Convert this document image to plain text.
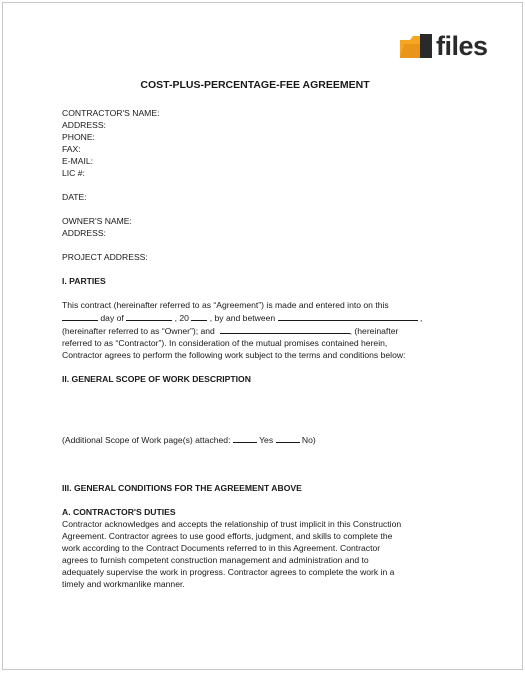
files
COST-PLUS-PERCENTAGE-FEE AGREEMENT
CONTRACTOR'S NAME:
ADDRESS:
PHONE:
FAX:
E-MAIL:
LIC #:
DATE:
OWNER'S NAME:
ADDRESS:
PROJECT ADDRESS:
I. PARTIES
This contract (hereinafter referred to as “Agreement”) is made and entered into on this
day of	, 20 , by and between	,
(hereinafter referred to as “Owner”); and	, (hereinafter
referred to as “Contractor”). In consideration of the mutual promises contained herein,
Contractor agrees to perform the following work subject to the terms and conditions below:
II. GENERAL SCOPE OF WORK DESCRIPTION
(Additional Scope of Work page(s) attached:	Yes	No)
III. GENERAL CONDITIONS FOR THE AGREEMENT ABOVE
A. CONTRACTOR'S DUTIES
Contractor acknowledges and accepts the relationship of trust implicit in this Construction
Agreement. Contractor agrees to use good efforts, judgment, and skills to complete the
work according to the Contract Documents referred to in this Agreement. Contractor
agrees to furnish competent construction management and administration and to
adequately supervise the work in progress. Contractor agrees to complete the work in a
timely and workmanlike manner.
